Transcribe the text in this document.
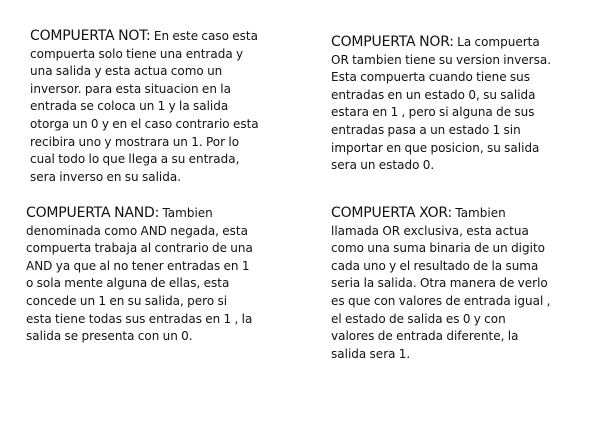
COMPUERTA NOT: En este caso esta
compuerta solo tiene una entrada y
una salida y esta actua como un
inversor. para esta situacion en la
entrada se coloca un 1 y la salida
otorga un 0 y en el caso contrario esta
recibira uno y mostrara un 1. Por lo
cual todo lo que llega a su entrada,
sera inverso en su salida.
COMPUERTA NOR: La compuerta
OR tambien tiene su version inversa.
Esta compuerta cuando tiene sus
entradas en un estado 0, su salida
estara en 1 , pero si alguna de sus
entradas pasa a un estado 1 sin
importar en que posicion, su salida
sera un estado 0.
COMPUERTA NAND: Tambien
denominada como AND negada, esta
compuerta trabaja al contrario de una
AND ya que al no tener entradas en 1
o sola mente alguna de ellas, esta
concede un 1 en su salida, pero si
esta tiene todas sus entradas en 1 , la
salida se presenta con un 0.
COMPUERTA XOR: Tambien
llamada OR exclusiva, esta actua
como una suma binaria de un digito
cada uno y el resultado de la suma
seria la salida. Otra manera de verlo
es que con valores de entrada igual ,
el estado de salida es 0 y con
valores de entrada diferente, la
salida sera 1.
